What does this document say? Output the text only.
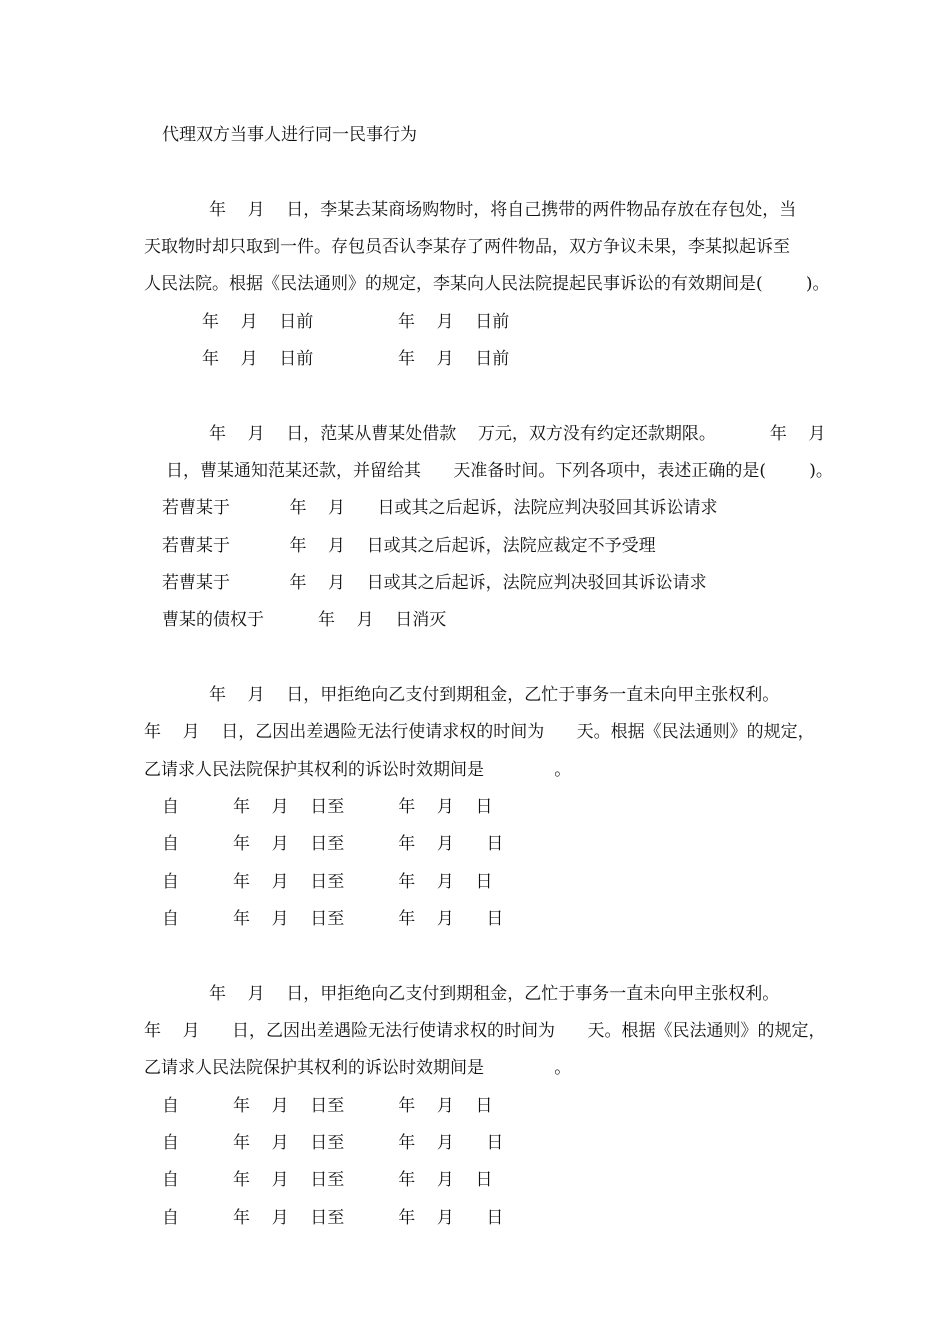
代理双方当事人进行同一民事行为
年    月    日，李某去某商场购物时，将自己携带的两件物品存放在存包处，当
天取物时却只取到一件。存包员否认李某存了两件物品，双方争议未果，李某拟起诉至
人民法院。根据《民法通则》的规定，李某向人民法院提起民事诉讼的有效期间是(        )。
年    月    日前	年    月    日前
年    月    日前	年    月    日前
年    月    日，范某从曹某处借款    万元，双方没有约定还款期限。          年    月
日，曹某通知范某还款，并留给其      天准备时间。下列各项中，表述正确的是(        )。
若曹某于           年    月      日或其之后起诉，法院应判决驳回其诉讼请求
若曹某于           年    月    日或其之后起诉，法院应裁定不予受理
若曹某于           年    月    日或其之后起诉，法院应判决驳回其诉讼请求
曹某的债权于          年    月    日消灭
年    月    日，甲拒绝向乙支付到期租金，乙忙于事务一直未向甲主张权利。
年    月    日，乙因出差遇险无法行使请求权的时间为      天。根据《民法通则》的规定，
乙请求人民法院保护其权利的诉讼时效期间是             。
自          年    月    日至          年    月    日
自          年    月    日至          年    月      日
自          年    月    日至          年    月    日
自          年    月    日至          年    月      日
年    月    日，甲拒绝向乙支付到期租金，乙忙于事务一直未向甲主张权利。
年    月      日，乙因出差遇险无法行使请求权的时间为      天。根据《民法通则》的规定，
乙请求人民法院保护其权利的诉讼时效期间是             。
自          年    月    日至          年    月    日
自          年    月    日至          年    月      日
自          年    月    日至          年    月    日
自          年    月    日至          年    月      日
